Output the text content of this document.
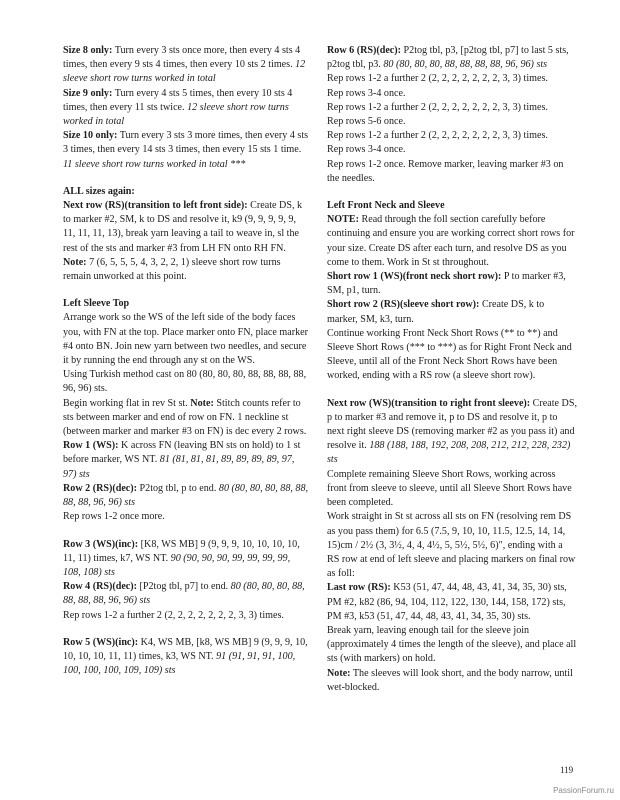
Size 8 only: Turn every 3 sts once more, then every 4 sts 4 times, then every 9 sts 4 times, then every 10 sts 2 times. 12 sleeve short row turns worked in total

Size 9 only: Turn every 4 sts 5 times, then every 10 sts 4 times, then every 11 sts twice. 12 sleeve short row turns worked in total

Size 10 only: Turn every 3 sts 3 more times, then every 4 sts 3 times, then every 14 sts 3 times, then every 15 sts 1 time. 11 sleeve short row turns worked in total ***

ALL sizes again:

Next row (RS)(transition to left front side): Create DS, k to marker #2, SM, k to DS and resolve it, k9 (9, 9, 9, 9, 9, 11, 11, 11, 13), break yarn leaving a tail to weave in, sl the rest of the sts and marker #3 from LH FN onto RH FN.

Note: 7 (6, 5, 5, 5, 4, 3, 2, 2, 1) sleeve short row turns remain unworked at this point.

Left Sleeve Top

Arrange work so the WS of the left side of the body faces you, with FN at the top. Place marker onto FN, place marker #4 onto BN. Join new yarn between two needles, and secure it by running the end through any st on the WS.

Using Turkish method cast on 80 (80, 80, 80, 88, 88, 88, 88, 96, 96) sts.

Begin working flat in rev St st. Note: Stitch counts refer to sts between marker and end of row on FN. 1 neckline st (between marker and marker #3 on FN) is dec every 2 rows.

Row 1 (WS): K across FN (leaving BN sts on hold) to 1 st before marker, WS NT. 81 (81, 81, 81, 89, 89, 89, 89, 97, 97) sts

Row 2 (RS)(dec): P2tog tbl, p to end. 80 (80, 80, 80, 88, 88, 88, 88, 96, 96) sts

Rep rows 1-2 once more.

Row 3 (WS)(inc): [K8, WS MB] 9 (9, 9, 9, 10, 10, 10, 10, 11, 11) times, k7, WS NT. 90 (90, 90, 90, 99, 99, 99, 99, 108, 108) sts

Row 4 (RS)(dec): [P2tog tbl, p7] to end. 80 (80, 80, 80, 88, 88, 88, 88, 96, 96) sts

Rep rows 1-2 a further 2 (2, 2, 2, 2, 2, 2, 2, 3, 3) times.

Row 5 (WS)(inc): K4, WS MB, [k8, WS MB] 9 (9, 9, 9, 10, 10, 10, 10, 11, 11) times, k3, WS NT. 91 (91, 91, 91, 100, 100, 100, 100, 109, 109) sts

Row 6 (RS)(dec): P2tog tbl, p3, [p2tog tbl, p7] to last 5 sts, p2tog tbl, p3. 80 (80, 80, 80, 88, 88, 88, 88, 96, 96) sts

Rep rows 1-2 a further 2 (2, 2, 2, 2, 2, 2, 2, 3, 3) times.

Rep rows 3-4 once.

Rep rows 1-2 a further 2 (2, 2, 2, 2, 2, 2, 2, 3, 3) times.

Rep rows 5-6 once.

Rep rows 1-2 a further 2 (2, 2, 2, 2, 2, 2, 2, 3, 3) times.

Rep rows 3-4 once.

Rep rows 1-2 once. Remove marker, leaving marker #3 on the needles.

Left Front Neck and Sleeve

NOTE: Read through the foll section carefully before continuing and ensure you are working correct short rows for your size. Create DS after each turn, and resolve DS as you come to them. Work in St st throughout.

Short row 1 (WS)(front neck short row): P to marker #3, SM, p1, turn.

Short row 2 (RS)(sleeve short row): Create DS, k to marker, SM, k3, turn.

Continue working Front Neck Short Rows (** to **) and Sleeve Short Rows (*** to ***) as for Right Front Neck and Sleeve, until all of the Front Neck Short Rows have been worked, ending with a RS row (a sleeve short row).

Next row (WS)(transition to right front sleeve): Create DS, p to marker #3 and remove it, p to DS and resolve it, p to next right sleeve DS (removing marker #2 as you pass it) and resolve it. 188 (188, 188, 192, 208, 208, 212, 212, 228, 232) sts

Complete remaining Sleeve Short Rows, working across front from sleeve to sleeve, until all Sleeve Short Rows have been completed.

Work straight in St st across all sts on FN (resolving rem DS as you pass them) for 6.5 (7.5, 9, 10, 10, 11.5, 12.5, 14, 14, 15)cm / 2½ (3, 3½, 4, 4, 4½, 5, 5½, 5½, 6)", ending with a RS row at end of left sleeve and placing markers on final row as foll:

Last row (RS): K53 (51, 47, 44, 48, 43, 41, 34, 35, 30) sts, PM #2, k82 (86, 94, 104, 112, 122, 130, 144, 158, 172) sts, PM #3, k53 (51, 47, 44, 48, 43, 41, 34, 35, 30) sts.

Break yarn, leaving enough tail for the sleeve join (approximately 4 times the length of the sleeve), and place all sts (with markers) on hold.

Note: The sleeves will look short, and the body narrow, until wet-blocked.

119
PassionForum.ru
